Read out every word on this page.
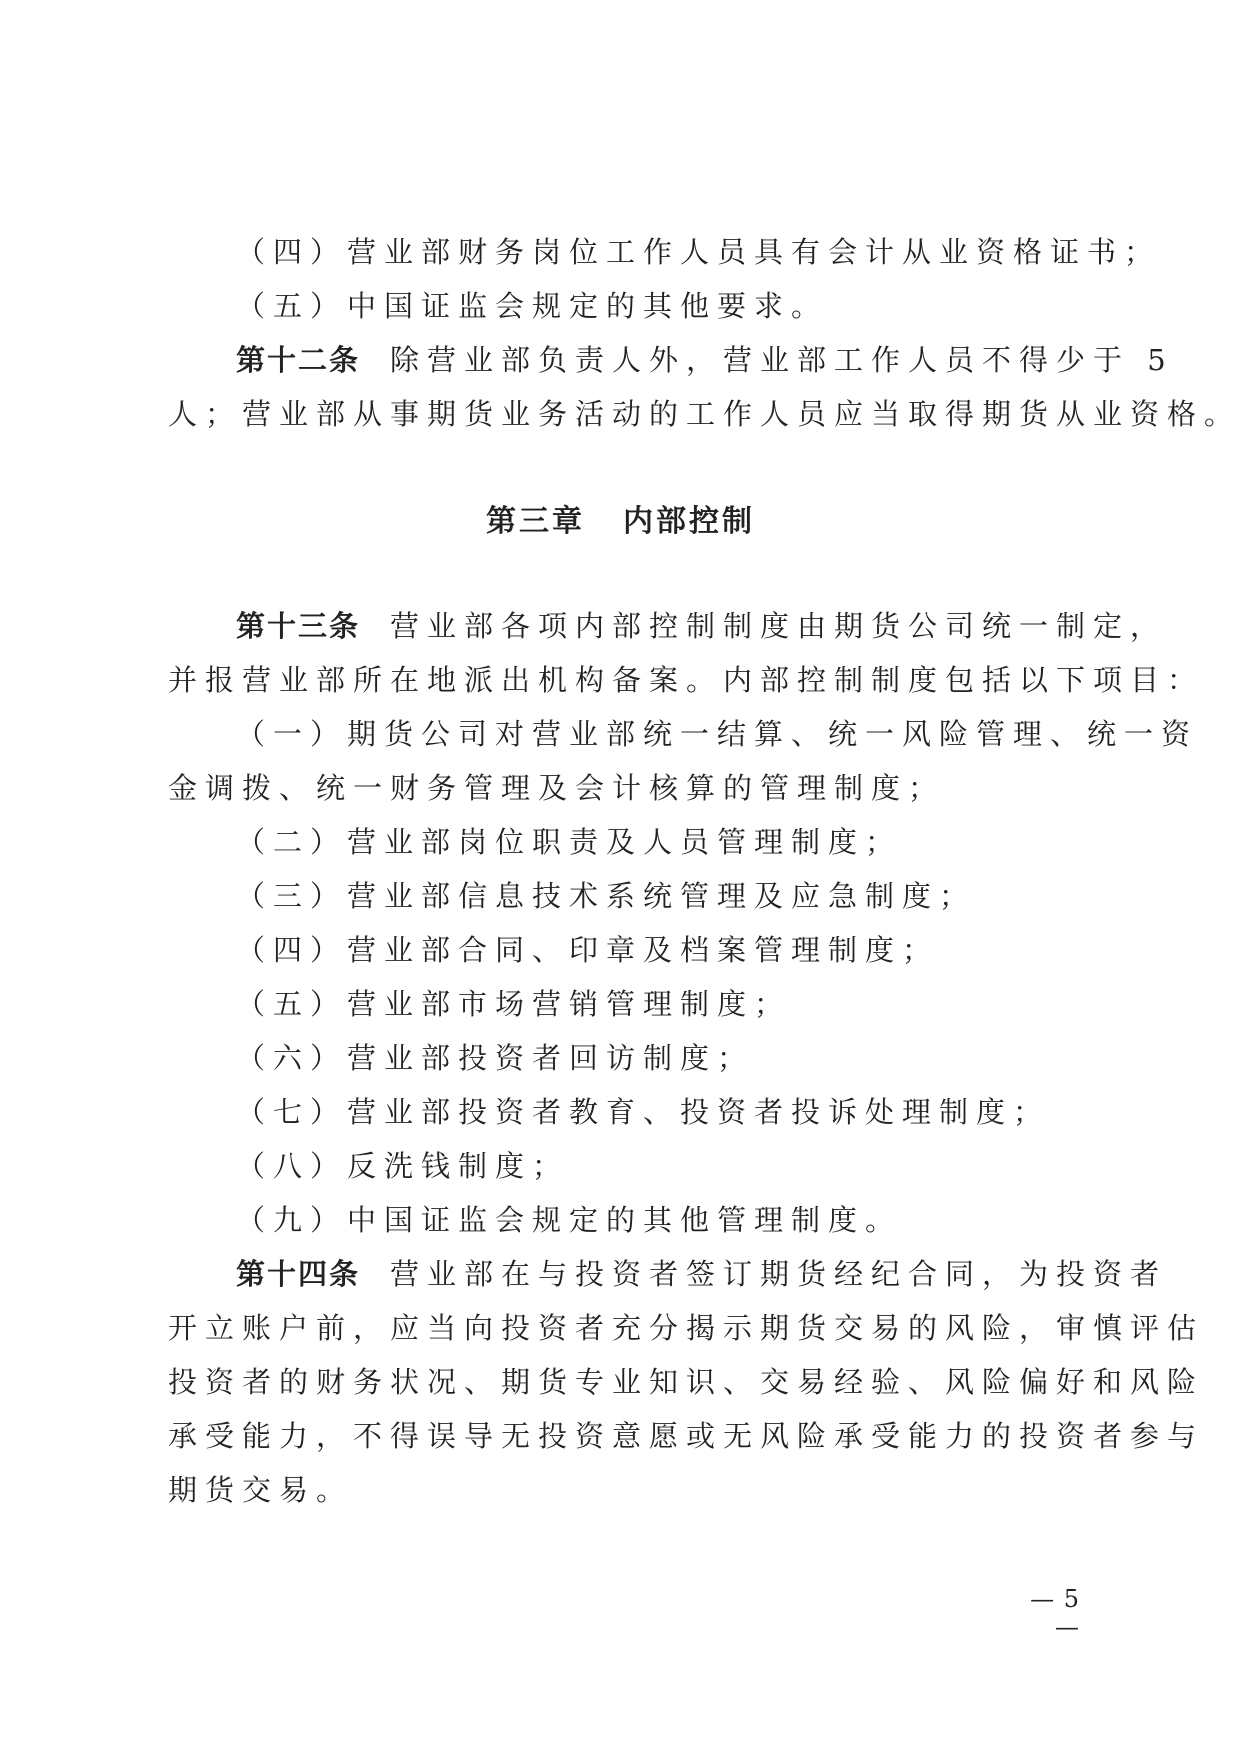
（四）营业部财务岗位工作人员具有会计从业资格证书；
（五）中国证监会规定的其他要求。
第十二条 除营业部负责人外，营业部工作人员不得少于 5
人；营业部从事期货业务活动的工作人员应当取得期货从业资格。
第三章 内部控制
第十三条 营业部各项内部控制制度由期货公司统一制定，
并报营业部所在地派出机构备案。内部控制制度包括以下项目：
（一）期货公司对营业部统一结算、统一风险管理、统一资
金调拨、统一财务管理及会计核算的管理制度；
（二）营业部岗位职责及人员管理制度；
（三）营业部信息技术系统管理及应急制度；
（四）营业部合同、印章及档案管理制度；
（五）营业部市场营销管理制度；
（六）营业部投资者回访制度；
（七）营业部投资者教育、投资者投诉处理制度；
（八）反洗钱制度；
（九）中国证监会规定的其他管理制度。
第十四条 营业部在与投资者签订期货经纪合同，为投资者
开立账户前，应当向投资者充分揭示期货交易的风险，审慎评估
投资者的财务状况、期货专业知识、交易经验、风险偏好和风险
承受能力，不得误导无投资意愿或无风险承受能力的投资者参与
期货交易。
— 5 —
